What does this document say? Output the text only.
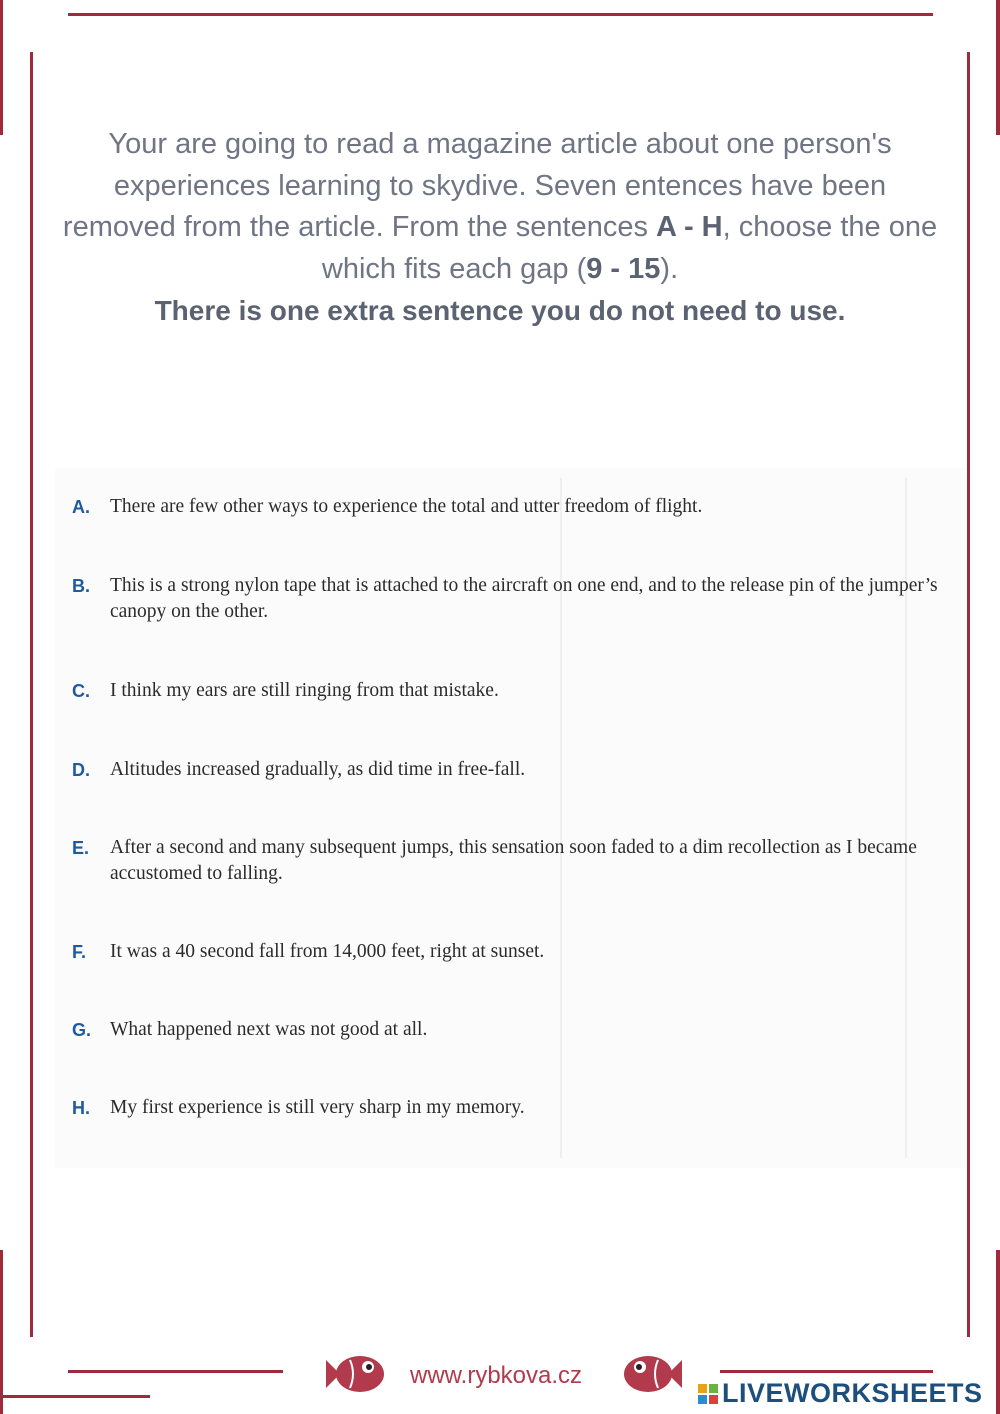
Your are going to read a magazine article about one person's experiences learning to skydive. Seven entences have been removed from the article. From the sentences A - H, choose the one which fits each gap (9 - 15).
There is one extra sentence you do not need to use.
A.	There are few other ways to experience the total and utter freedom of flight.
B.	This is a strong nylon tape that is attached to the aircraft on one end, and to the release pin of the jumper’s canopy on the other.
C.	I think my ears are still ringing from that mistake.
D.	Altitudes increased gradually, as did time in free-fall.
E.	After a second and many subsequent jumps, this sensation soon faded to a dim recollection as I became accustomed to falling.
F.	It was a 40 second fall from 14,000 feet, right at sunset.
G. What happened next was not good at all.
H.	My first experience is still very sharp in my memory.
www.rybkova.cz
LIVEWORKSHEETS
